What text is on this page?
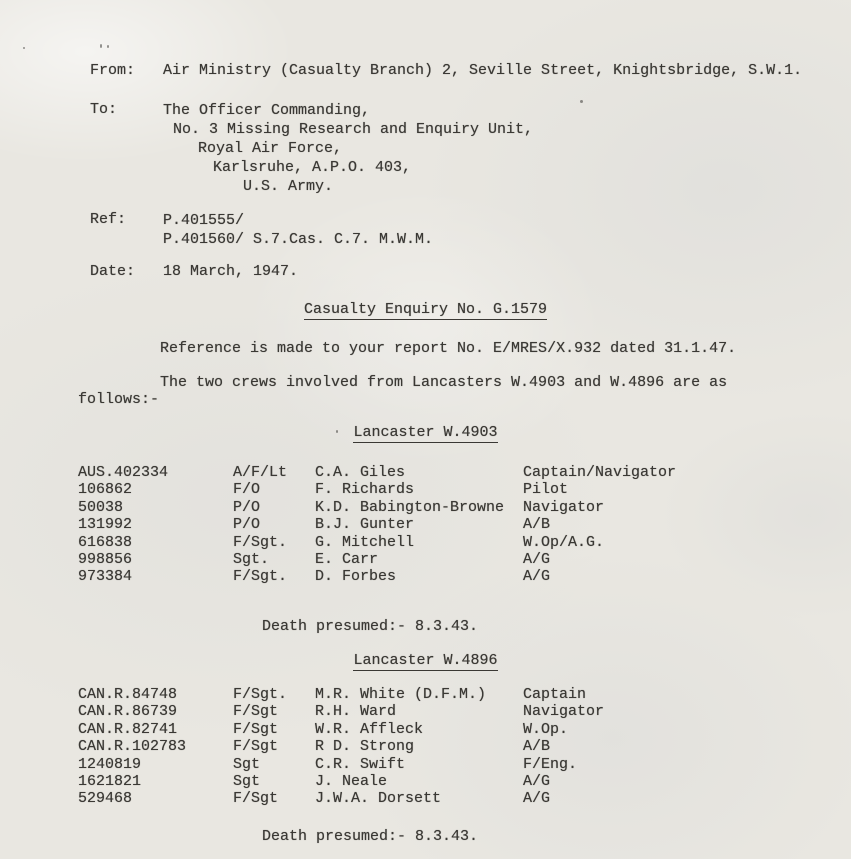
From: Air Ministry (Casualty Branch) 2, Seville Street, Knightsbridge, S.W.1.
To:	The Officer Commanding,
No. 3 Missing Research and Enquiry Unit,
Royal Air Force,
Karlsruhe, A.P.O. 403,
U.S. Army.
Ref: P.401555/
P.401560/ S.7.Cas. C.7. M.W.M.
Date: 18 March, 1947.
Casualty Enquiry No. G.1579
Reference is made to your report No. E/MRES/X.932 dated 31.1.47.
The two crews involved from Lancasters W.4903 and W.4896 are as
follows:-
Lancaster W.4903
AUS.402334	A/F/Lt	C.A. Giles	Captain/Navigator
106862	F/O	F. Richards	Pilot
50038	P/O	K.D. Babington-Browne	Navigator
131992	P/O	B.J. Gunter	A/B
616838	F/Sgt.	G. Mitchell	W.Op/A.G.
998856	Sgt.	E. Carr	A/G
973384	F/Sgt.	D. Forbes	A/G
Death presumed:- 8.3.43.
Lancaster W.4896
CAN.R.84748	F/Sgt.	M.R. White (D.F.M.)	Captain
CAN.R.86739	F/Sgt	R.H. Ward	Navigator
CAN.R.82741	F/Sgt	W.R. Affleck	W.Op.
CAN.R.102783	F/Sgt	R D. Strong	A/B
1240819	Sgt	C.R. Swift	F/Eng.
1621821	Sgt	J. Neale	A/G
529468	F/Sgt	J.W.A. Dorsett	A/G
Death presumed:- 8.3.43.
